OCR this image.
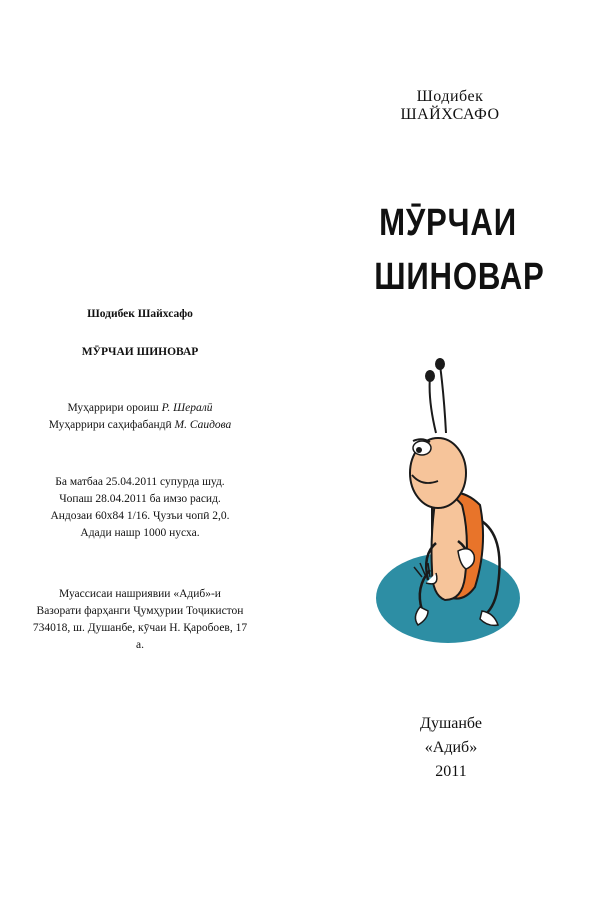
Шодибек ШАЙХСАФО
МӮРЧАИ
ШИНОВАР
Душанбе
«Адиб»
2011
Шодибек Шайхсафо
МӮРЧАИ ШИНОВАР
Муҳаррири ороиш Р. Шералӣ
Муҳаррири саҳифабандӣ М. Саидова
Ба матбаа 25.04.2011 супурда шуд.
Чопаш 28.04.2011 ба имзо расид.
Андозаи 60х84 1/16. Ҷузъи чопӣ 2,0.
Адади нашр 1000 нусха.
Муассисаи нашриявии «Адиб»-и
Вазорати фарҳанги Ҷумҳурии Тоҷикистон
734018, ш. Душанбе, кӯчаи Н. Қаробоев, 17 а.
